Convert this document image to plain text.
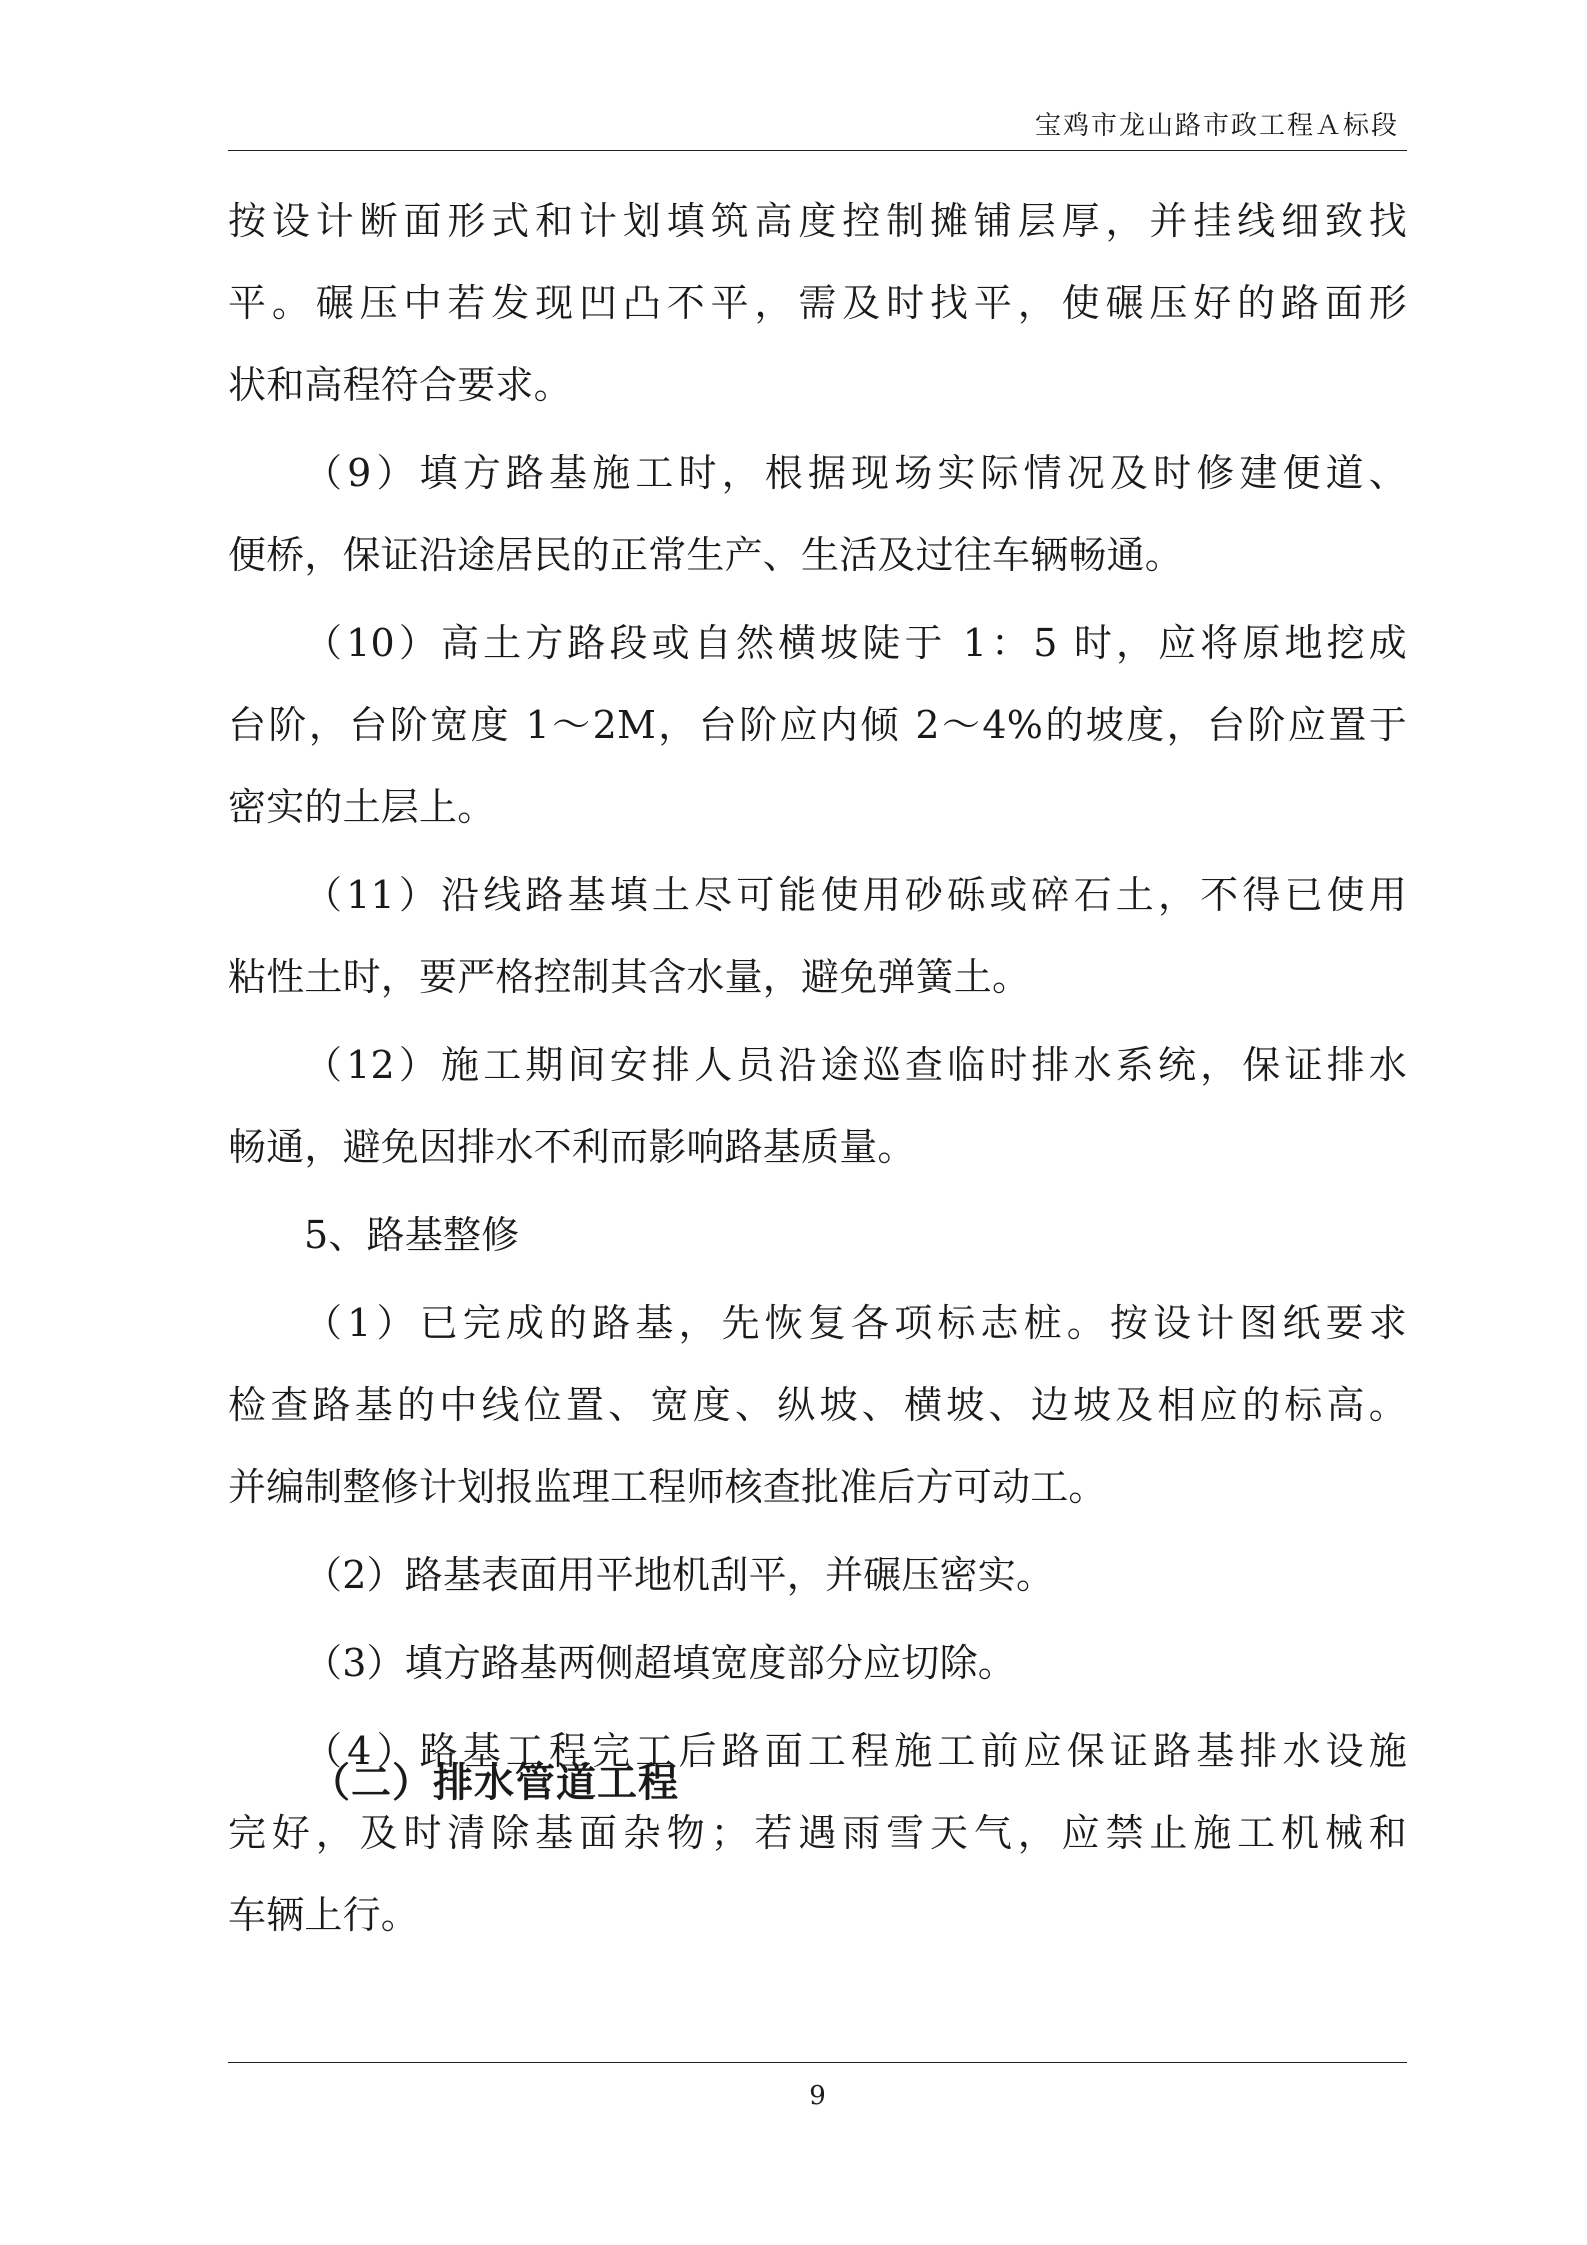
宝鸡市龙山路市政工程Ａ标段
按设计断面形式和计划填筑高度控制摊铺层厚，并挂线细致找
平。碾压中若发现凹凸不平，需及时找平，使碾压好的路面形
状和高程符合要求。
（9）填方路基施工时，根据现场实际情况及时修建便道、
便桥，保证沿途居民的正常生产、生活及过往车辆畅通。
（10）高土方路段或自然横坡陡于 1：5 时，应将原地挖成
台阶，台阶宽度 1～2M，台阶应内倾 2～4%的坡度，台阶应置于
密实的土层上。
（11）沿线路基填土尽可能使用砂砾或碎石土，不得已使用
粘性土时，要严格控制其含水量，避免弹簧土。
（12）施工期间安排人员沿途巡查临时排水系统，保证排水
畅通，避免因排水不利而影响路基质量。
5、路基整修
（1）已完成的路基，先恢复各项标志桩。按设计图纸要求
检查路基的中线位置、宽度、纵坡、横坡、边坡及相应的标高。
并编制整修计划报监理工程师核查批准后方可动工。
（2）路基表面用平地机刮平，并碾压密实。
（3）填方路基两侧超填宽度部分应切除。
（4）路基工程完工后路面工程施工前应保证路基排水设施
完好，及时清除基面杂物；若遇雨雪天气，应禁止施工机械和
车辆上行。
（二）排水管道工程
9
